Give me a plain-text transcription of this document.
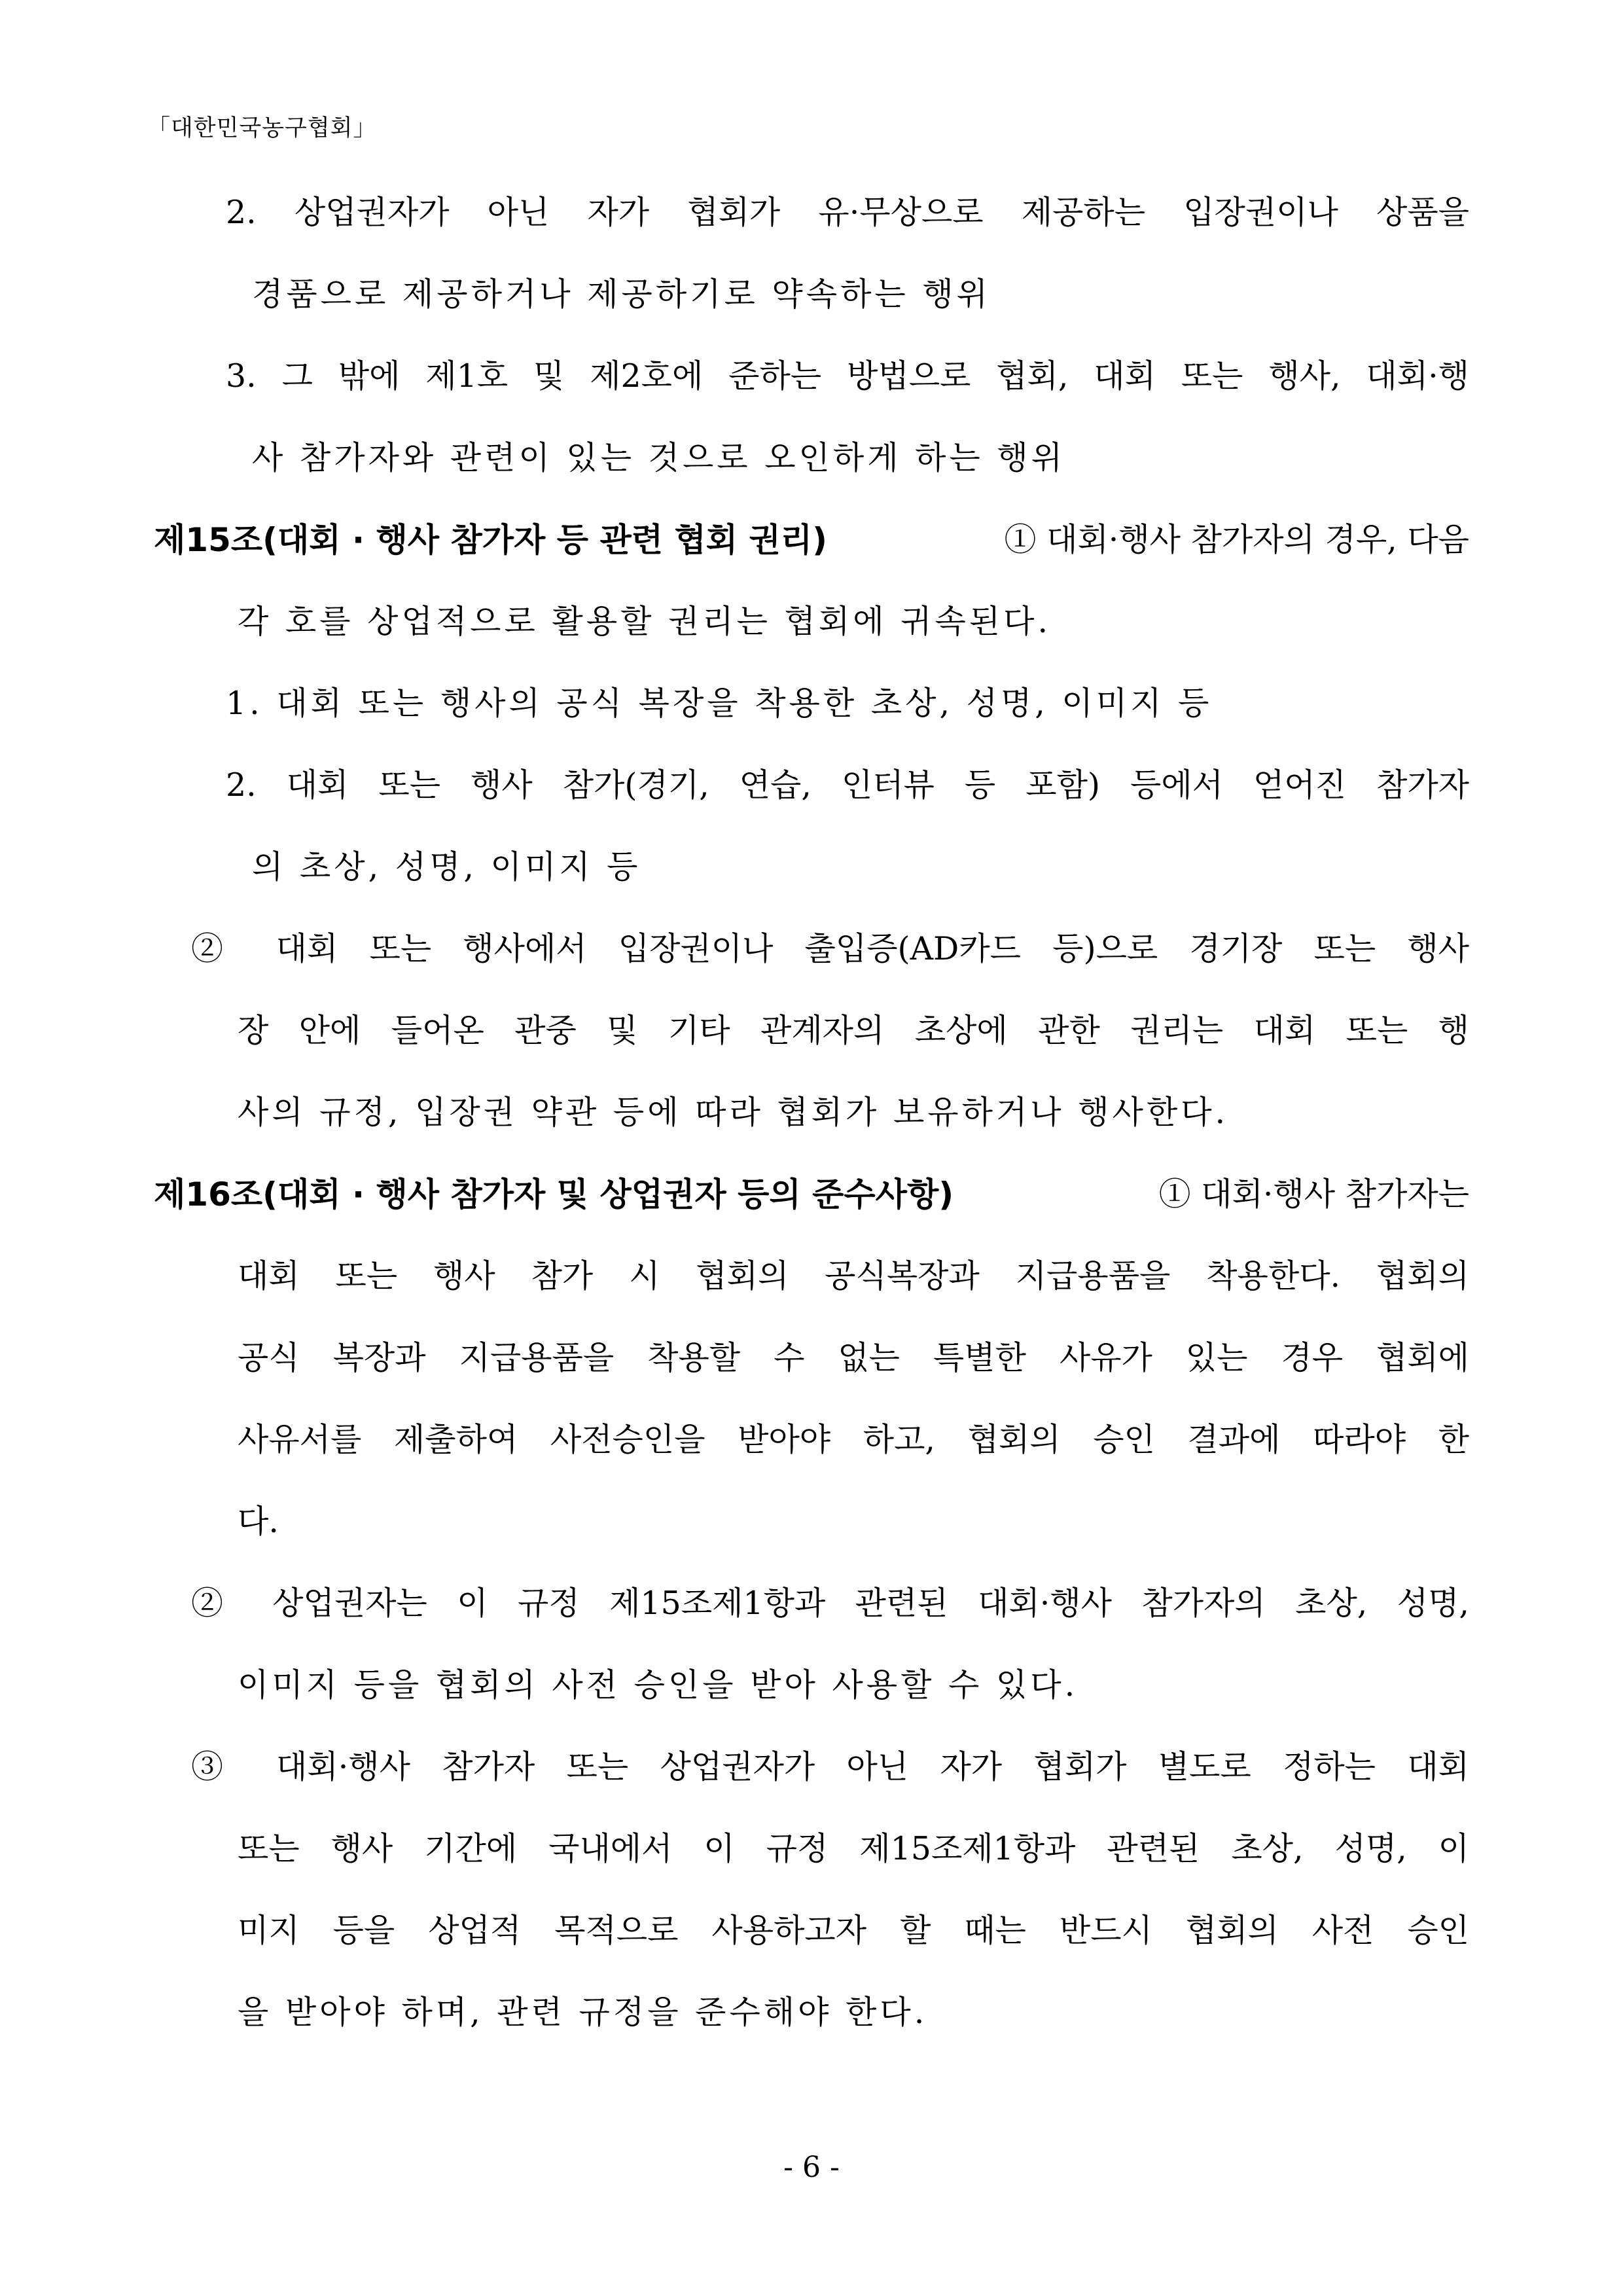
「대한민국농구협회」
2. 상업권자가 아닌 자가 협회가 유·무상으로 제공하는 입장권이나 상품을
경품으로 제공하거나 제공하기로 약속하는 행위
3. 그 밖에 제1호 및 제2호에 준하는 방법으로 협회, 대회 또는 행사, 대회·행
사 참가자와 관련이 있는 것으로 오인하게 하는 행위
제15조(대회 · 행사 참가자 등 관련 협회 권리)	① 대회·행사 참가자의 경우, 다음
각 호를 상업적으로 활용할 권리는 협회에 귀속된다.
1. 대회 또는 행사의 공식 복장을 착용한 초상, 성명, 이미지 등
2. 대회 또는 행사 참가(경기, 연습, 인터뷰 등 포함) 등에서 얻어진 참가자
의 초상, 성명, 이미지 등
② 대회 또는 행사에서 입장권이나 출입증(AD카드 등)으로 경기장 또는 행사
장 안에 들어온 관중 및 기타 관계자의 초상에 관한 권리는 대회 또는 행
사의 규정, 입장권 약관 등에 따라 협회가 보유하거나 행사한다.
제16조(대회 · 행사 참가자 및 상업권자 등의 준수사항)	① 대회·행사 참가자는
대회 또는 행사 참가 시 협회의 공식복장과 지급용품을 착용한다. 협회의
공식 복장과 지급용품을 착용할 수 없는 특별한 사유가 있는 경우 협회에
사유서를 제출하여 사전승인을 받아야 하고, 협회의 승인 결과에 따라야 한
다.
② 상업권자는 이 규정 제15조제1항과 관련된 대회·행사 참가자의 초상, 성명,
이미지 등을 협회의 사전 승인을 받아 사용할 수 있다.
③ 대회·행사 참가자 또는 상업권자가 아닌 자가 협회가 별도로 정하는 대회
또는 행사 기간에 국내에서 이 규정 제15조제1항과 관련된 초상, 성명, 이
미지 등을 상업적 목적으로 사용하고자 할 때는 반드시 협회의 사전 승인
을 받아야 하며, 관련 규정을 준수해야 한다.
- 6 -
